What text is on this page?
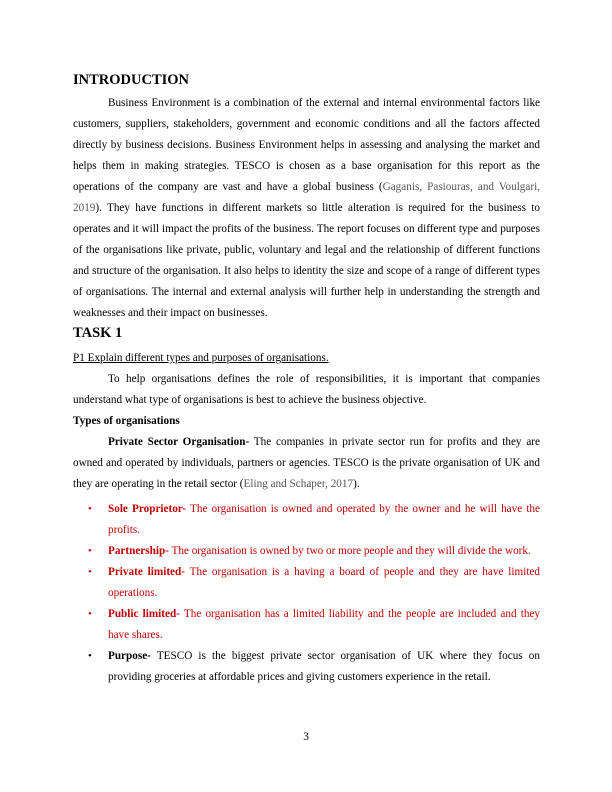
INTRODUCTION

Business Environment is a combination of the external and internal environmental factors like customers, suppliers, stakeholders, government and economic conditions and all the factors affected directly by business decisions. Business Environment helps in assessing and analysing the market and helps them in making strategies. TESCO is chosen as a base organisation for this report as the operations of the company are vast and have a global business (Gaganis, Pasiouras, and Voulgari, 2019). They have functions in different markets so little alteration is required for the business to operates and it will impact the profits of the business. The report focuses on different type and purposes of the organisations like private, public, voluntary and legal and the relationship of different functions and structure of the organisation. It also helps to identity the size and scope of a range of different types of organisations. The internal and external analysis will further help in understanding the strength and weaknesses and their impact on businesses.

TASK 1
P1 Explain different types and purposes of organisations.

To help organisations defines the role of responsibilities, it is important that companies understand what type of organisations is best to achieve the business objective.

Types of organisations

Private Sector Organisation- The companies in private sector run for profits and they are owned and operated by individuals, partners or agencies. TESCO is the private organisation of UK and they are operating in the retail sector (Eling and Schaper, 2017).

• Sole Proprietor- The organisation is owned and operated by the owner and he will have the profits.
• Partnership- The organisation is owned by two or more people and they will divide the work.
• Private limited- The organisation is a having a board of people and they are have limited operations.
• Public limited- The organisation has a limited liability and the people are included and they have shares.
• Purpose- TESCO is the biggest private sector organisation of UK where they focus on providing groceries at affordable prices and giving customers experience in the retail.
3
